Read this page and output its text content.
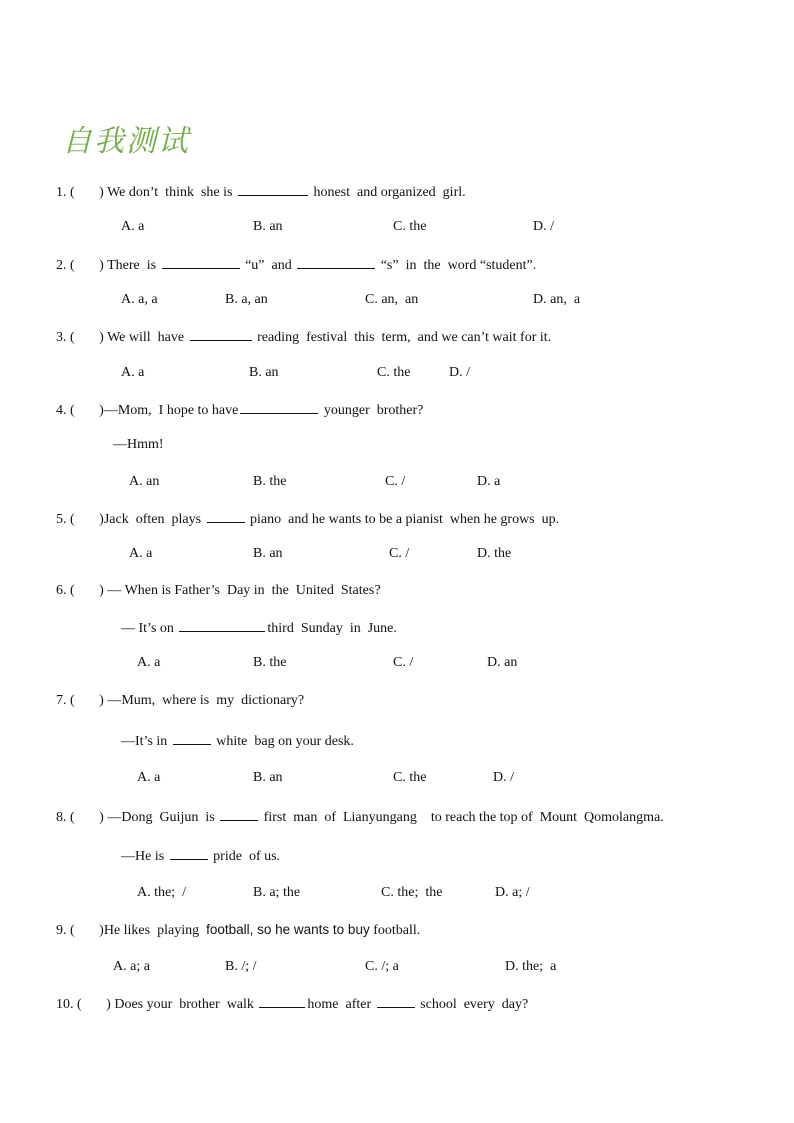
自我测试
1. (       ) We don’t  think  she is	honest  and organized  girl.
A. a	B. an	C. the	D. /
2. (       ) There  is	“u”  and	“s”  in  the  word “student”.
A. a, a	B. a, an	C. an,  an	D. an,  a
3. (       ) We will  have	reading  festival  this  term,  and we can’t wait for it.
A. a	B. an	C. the	D. /
4. (       )—Mom,  I hope to have	younger  brother?
—Hmm!
A. an	B. the	C. /	D. a
5. (       )Jack  often  plays	piano  and he wants to be a pianist  when he grows  up.
A. a	B. an	C. /	D. the
6. (       ) — When is Father’s  Day in  the  United  States?
— It’s on	third  Sunday  in  June.
A. a	B. the	C. /	D. an
7. (       ) —Mum,  where is  my  dictionary?
—It’s in	white  bag on your desk.
A. a	B. an	C. the	D. /
8. (       ) —Dong  Guijun  is	first  man  of  Lianyungang    to reach the top of  Mount  Qomolangma.
—He is	pride  of us.
A. the;  /	B. a; the	C. the;  the	D. a; /
9. (       )He likes  playing football, so he wants to buy football.
A. a; a	B. /; /	C. /; a	D. the;  a
10. (       ) Does your  brother  walk	home  after	school  every  day?
